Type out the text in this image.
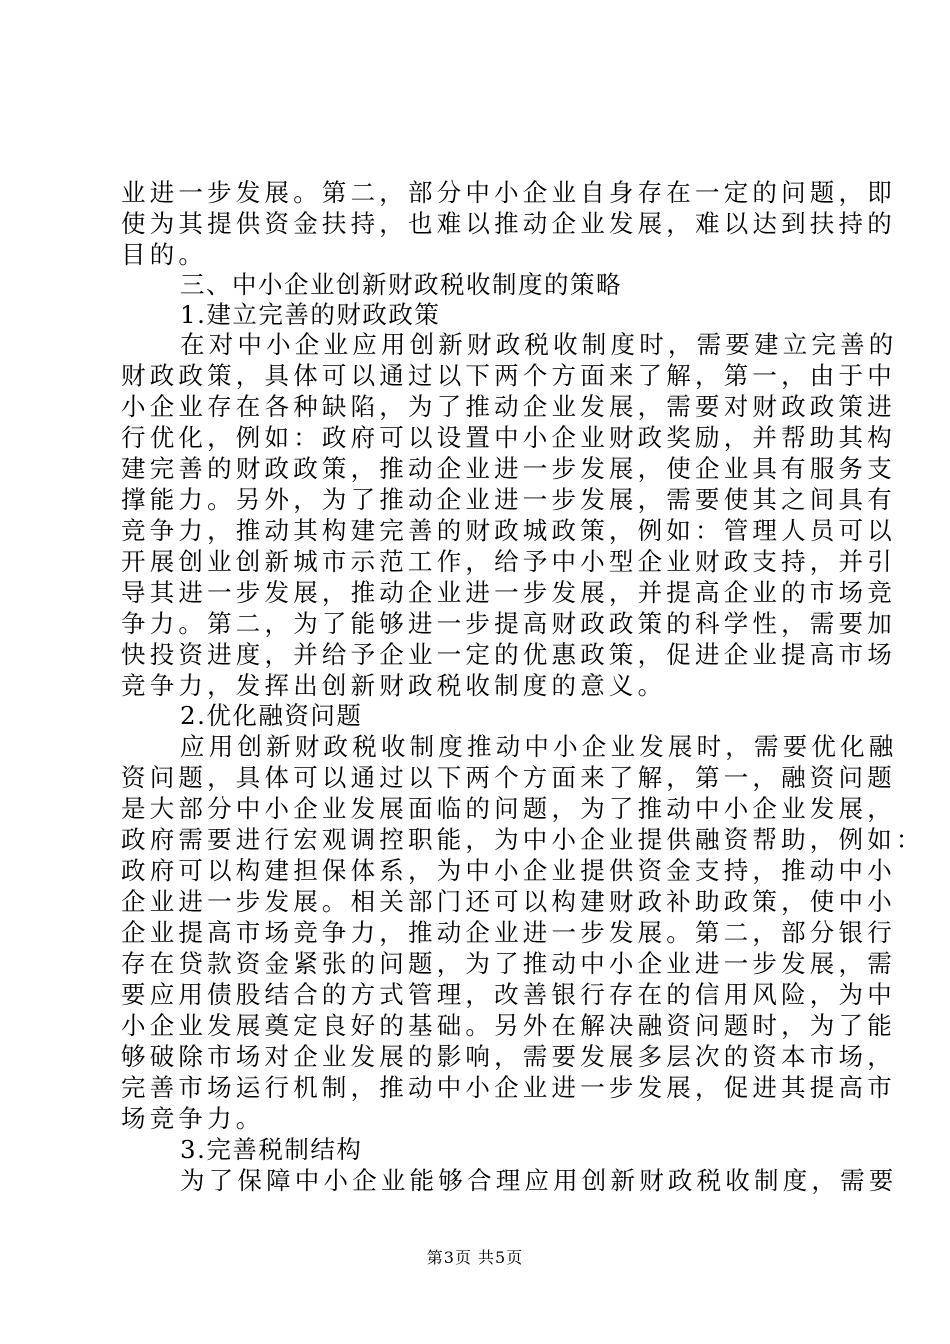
业进一步发展。第二，部分中小企业自身存在一定的问题，即
使为其提供资金扶持，也难以推动企业发展，难以达到扶持的
目的。
三、中小企业创新财政税收制度的策略
1.建立完善的财政政策
在对中小企业应用创新财政税收制度时，需要建立完善的
财政政策，具体可以通过以下两个方面来了解，第一，由于中
小企业存在各种缺陷，为了推动企业发展，需要对财政政策进
行优化，例如：政府可以设置中小企业财政奖励，并帮助其构
建完善的财政政策，推动企业进一步发展，使企业具有服务支
撑能力。另外，为了推动企业进一步发展，需要使其之间具有
竞争力，推动其构建完善的财政城政策，例如：管理人员可以
开展创业创新城市示范工作，给予中小型企业财政支持，并引
导其进一步发展，推动企业进一步发展，并提高企业的市场竞
争力。第二，为了能够进一步提高财政政策的科学性，需要加
快投资进度，并给予企业一定的优惠政策，促进企业提高市场
竞争力，发挥出创新财政税收制度的意义。
2.优化融资问题
应用创新财政税收制度推动中小企业发展时，需要优化融
资问题，具体可以通过以下两个方面来了解，第一，融资问题
是大部分中小企业发展面临的问题，为了推动中小企业发展，
政府需要进行宏观调控职能，为中小企业提供融资帮助，例如：
政府可以构建担保体系，为中小企业提供资金支持，推动中小
企业进一步发展。相关部门还可以构建财政补助政策，使中小
企业提高市场竞争力，推动企业进一步发展。第二，部分银行
存在贷款资金紧张的问题，为了推动中小企业进一步发展，需
要应用债股结合的方式管理，改善银行存在的信用风险，为中
小企业发展奠定良好的基础。另外在解决融资问题时，为了能
够破除市场对企业发展的影响，需要发展多层次的资本市场，
完善市场运行机制，推动中小企业进一步发展，促进其提高市
场竞争力。
3.完善税制结构
为了保障中小企业能够合理应用创新财政税收制度，需要
第3页 共5页
